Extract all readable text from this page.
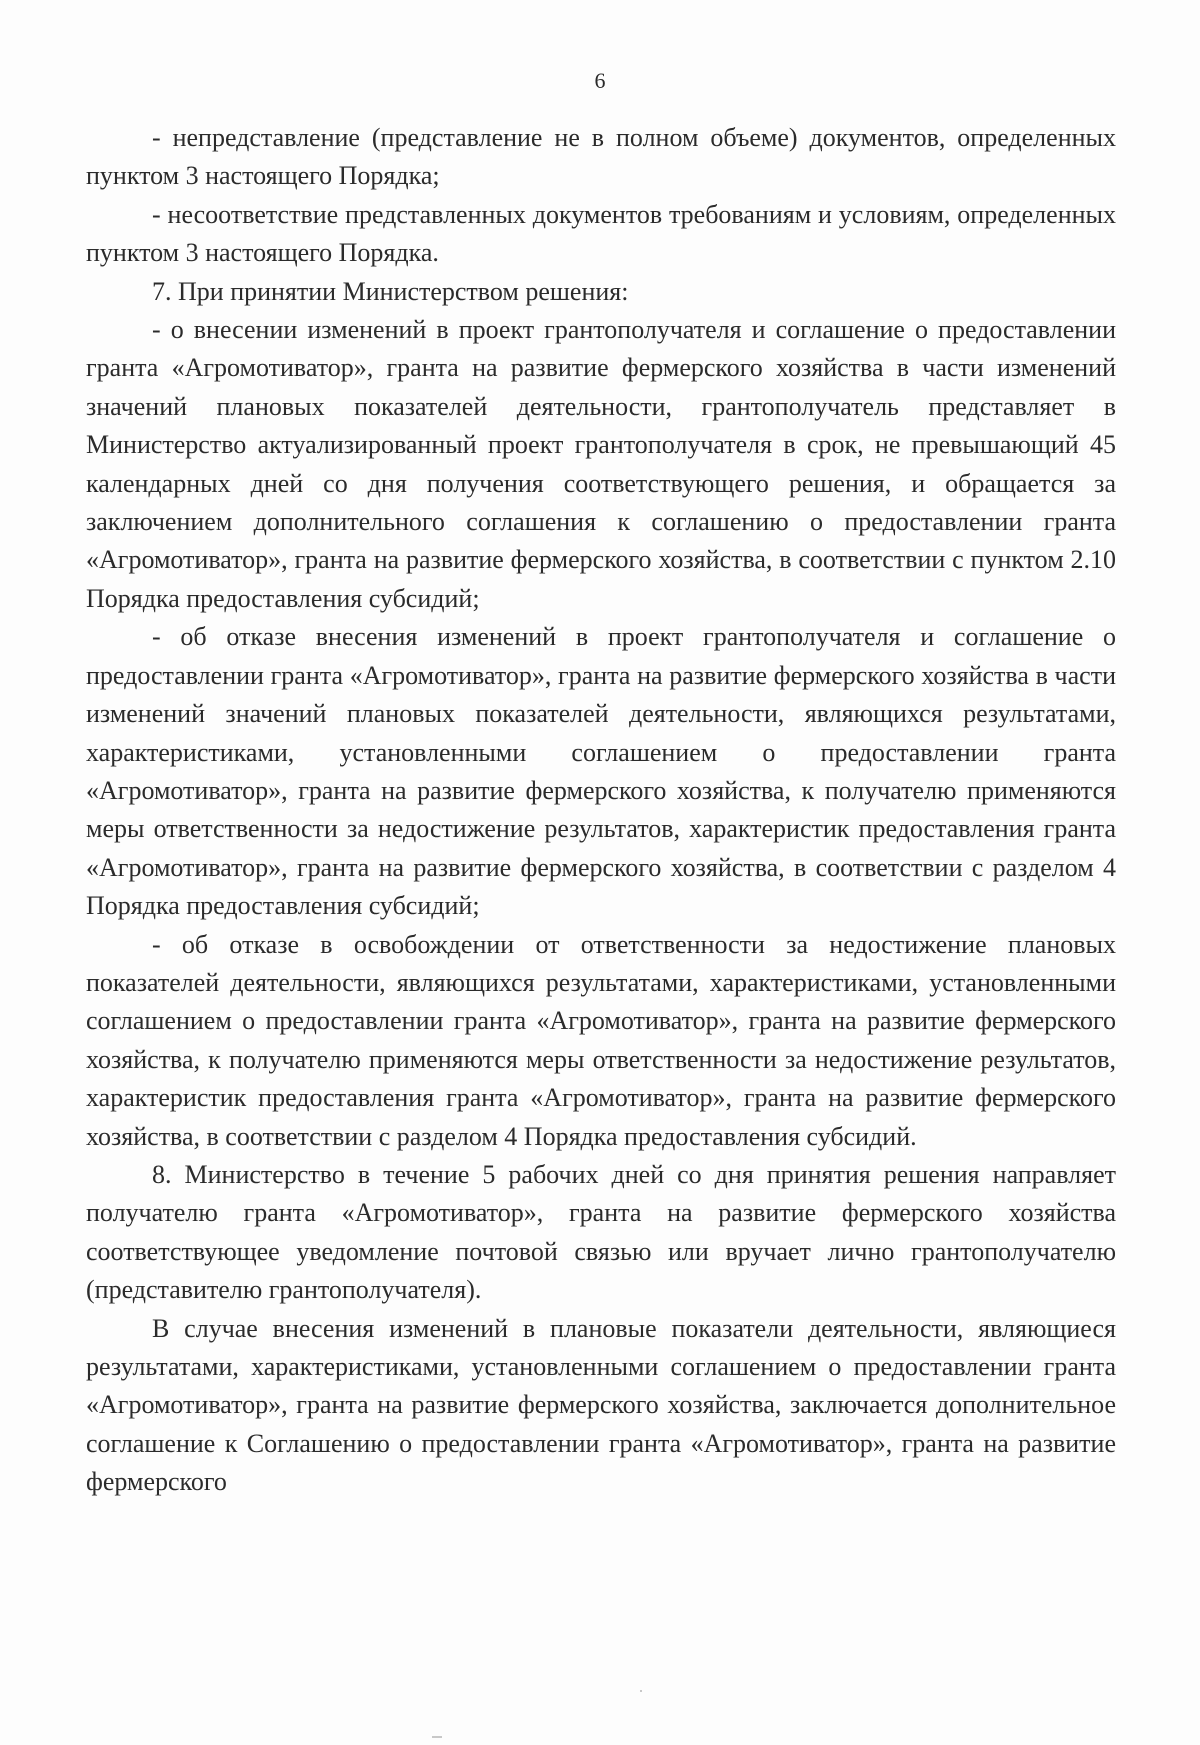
6

- непредставление (представление не в полном объеме) документов, определенных пунктом 3 настоящего Порядка;

- несоответствие представленных документов требованиям и условиям, определенных пунктом 3 настоящего Порядка.

7. При принятии Министерством решения:

- о внесении изменений в проект грантополучателя и соглашение о предоставлении гранта «Агромотиватор», гранта на развитие фермерского хозяйства в части изменений значений плановых показателей деятельности, грантополучатель представляет в Министерство актуализированный проект грантополучателя в срок, не превышающий 45 календарных дней со дня получения соответствующего решения, и обращается за заключением дополнительного соглашения к соглашению о предоставлении гранта «Агромотиватор», гранта на развитие фермерского хозяйства, в соответствии с пунктом 2.10 Порядка предоставления субсидий;

- об отказе внесения изменений в проект грантополучателя и соглашение о предоставлении гранта «Агромотиватор», гранта на развитие фермерского хозяйства в части изменений значений плановых показателей деятельности, являющихся результатами, характеристиками, установленными соглашением о предоставлении гранта «Агромотиватор», гранта на развитие фермерского хозяйства, к получателю применяются меры ответственности за недостижение результатов, характеристик предоставления гранта «Агромотиватор», гранта на развитие фермерского хозяйства, в соответствии с разделом 4 Порядка предоставления субсидий;

- об отказе в освобождении от ответственности за недостижение плановых показателей деятельности, являющихся результатами, характеристиками, установленными соглашением о предоставлении гранта «Агромотиватор», гранта на развитие фермерского хозяйства, к получателю применяются меры ответственности за недостижение результатов, характеристик предоставления гранта «Агромотиватор», гранта на развитие фермерского хозяйства, в соответствии с разделом 4 Порядка предоставления субсидий.

8. Министерство в течение 5 рабочих дней со дня принятия решения направляет получателю гранта «Агромотиватор», гранта на развитие фермерского хозяйства соответствующее уведомление почтовой связью или вручает лично грантополучателю (представителю грантополучателя).

В случае внесения изменений в плановые показатели деятельности, являющиеся результатами, характеристиками, установленными соглашением о предоставлении гранта «Агромотиватор», гранта на развитие фермерского хозяйства, заключается дополнительное соглашение к Соглашению о предоставлении гранта «Агромотиватор», гранта на развитие фермерского
